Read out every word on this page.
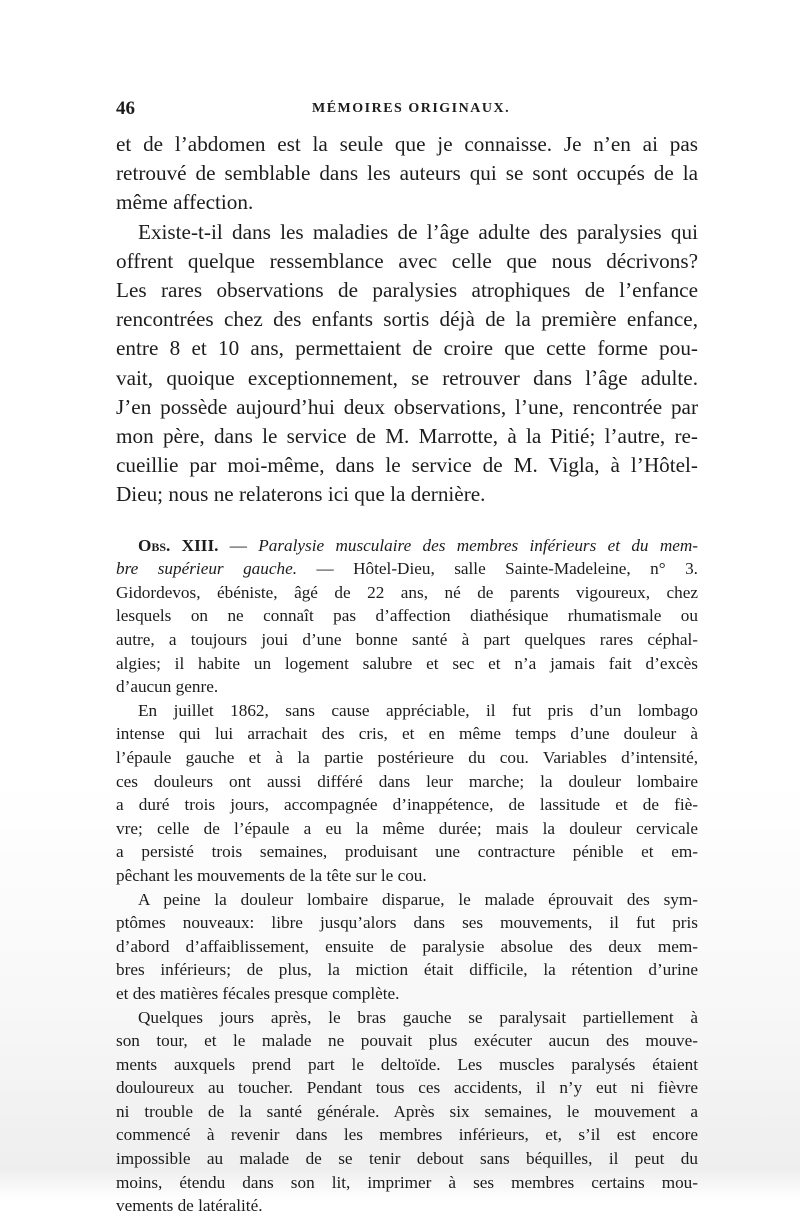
46	MÉMOIRES ORIGINAUX.

et de l’abdomen est la seule que je connaisse. Je n’en ai pas
retrouvé de semblable dans les auteurs qui se sont occupés de la
même affection.

Existe-t-il dans les maladies de l’âge adulte des paralysies qui
offrent quelque ressemblance avec celle que nous décrivons?
Les rares observations de paralysies atrophiques de l’enfance
rencontrées chez des enfants sortis déjà de la première enfance,
entre 8 et 10 ans, permettaient de croire que cette forme pou-
vait, quoique exceptionnement, se retrouver dans l’âge adulte.
J’en possède aujourd’hui deux observations, l’une, rencontrée par
mon père, dans le service de M. Marrotte, à la Pitié; l’autre, re-
cueillie par moi-même, dans le service de M. Vigla, à l’Hôtel-
Dieu; nous ne relaterons ici que la dernière.

Obs. XIII. — Paralysie musculaire des membres inférieurs et du mem-
bre supérieur gauche. — Hôtel-Dieu, salle Sainte-Madeleine, n° 3.
Gidordevos, ébéniste, âgé de 22 ans, né de parents vigoureux, chez
lesquels on ne connaît pas d’affection diathésique rhumatismale ou
autre, a toujours joui d’une bonne santé à part quelques rares céphal-
algies; il habite un logement salubre et sec et n’a jamais fait d’excès
d’aucun genre.

En juillet 1862, sans cause appréciable, il fut pris d’un lombago
intense qui lui arrachait des cris, et en même temps d’une douleur à
l’épaule gauche et à la partie postérieure du cou. Variables d’intensité,
ces douleurs ont aussi différé dans leur marche; la douleur lombaire
a duré trois jours, accompagnée d’inappétence, de lassitude et de fiè-
vre; celle de l’épaule a eu la même durée; mais la douleur cervicale
a persisté trois semaines, produisant une contracture pénible et em-
pêchant les mouvements de la tête sur le cou.

A peine la douleur lombaire disparue, le malade éprouvait des sym-
ptômes nouveaux: libre jusqu’alors dans ses mouvements, il fut pris
d’abord d’affaiblissement, ensuite de paralysie absolue des deux mem-
bres inférieurs; de plus, la miction était difficile, la rétention d’urine
et des matières fécales presque complète.

Quelques jours après, le bras gauche se paralysait partiellement à
son tour, et le malade ne pouvait plus exécuter aucun des mouve-
ments auxquels prend part le deltoïde. Les muscles paralysés étaient
douloureux au toucher. Pendant tous ces accidents, il n’y eut ni fièvre
ni trouble de la santé générale. Après six semaines, le mouvement a
commencé à revenir dans les membres inférieurs, et, s’il est encore
impossible au malade de se tenir debout sans béquilles, il peut du
moins, étendu dans son lit, imprimer à ses membres certains mou-
vements de latéralité.
